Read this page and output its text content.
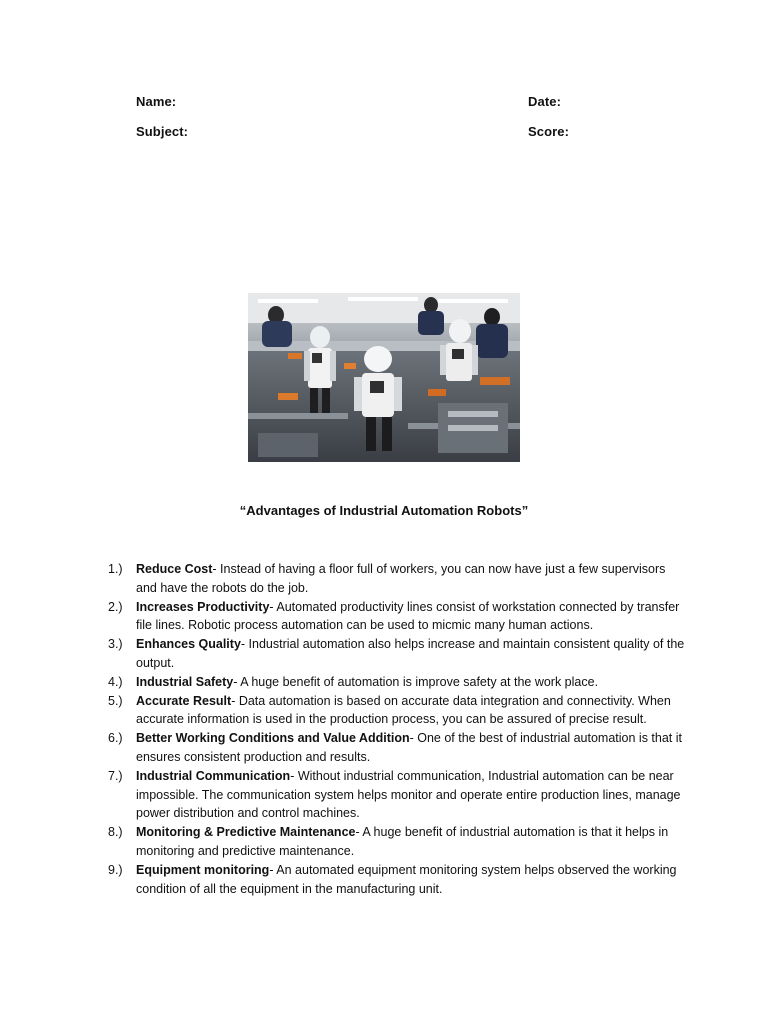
Name:	Date:
Subject:	Score:
“Advantages of Industrial Automation Robots”
1.)	Reduce Cost- Instead of having a floor full of workers, you can now have just a few supervisors and have the robots do the job.
2.)	Increases Productivity- Automated productivity lines consist of workstation connected by transfer file lines. Robotic process automation can be used to micmic many human actions.
3.)	Enhances Quality- Industrial automation also helps increase and maintain consistent quality of the output.
4.)	Industrial Safety- A huge benefit of automation is improve safety at the work place.
5.)	Accurate Result- Data automation is based on accurate data integration and connectivity. When accurate information is used in the production process, you can be assured of precise result.
6.)	Better Working Conditions and Value Addition- One of the best of industrial automation is that it ensures consistent production and results.
7.)	Industrial Communication- Without industrial communication, Industrial automation can be near impossible. The communication system helps monitor and operate entire production lines, manage power distribution and control machines.
8.)	Monitoring & Predictive Maintenance- A huge benefit of industrial automation is that it helps in monitoring and predictive maintenance.
9.)	Equipment monitoring- An automated equipment monitoring system helps observed the working condition of all the equipment in the manufacturing unit.
